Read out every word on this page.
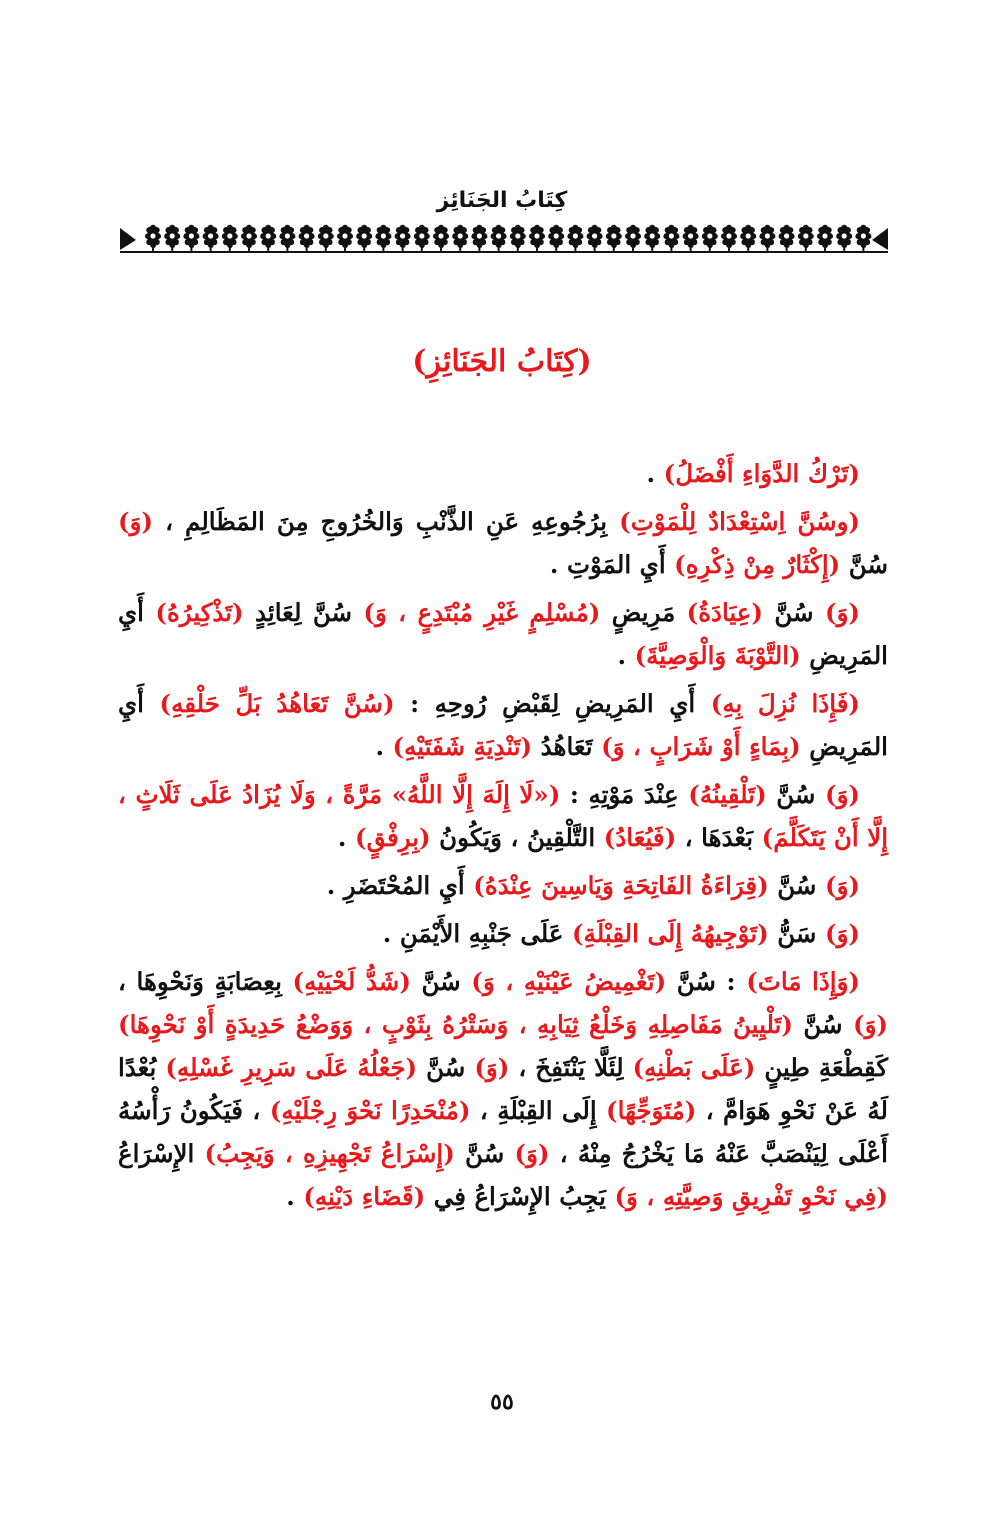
كِتَابُ الجَنَائِز
(كِتَابُ الجَنَائِزِ)

(تَرْكُ الدَّوَاءِ أَفْضَلُ) .

(وسُنَّ اِسْتِعْدَادٌ لِلْمَوْتِ) بِرُجُوعِهِ عَنِ الذَّنْبِ وَالخُرُوجِ مِنَ المَظَالِمِ ، (وَ) سُنَّ (إِكْثَارٌ مِنْ ذِكْرِهِ) أَيِ المَوْتِ .

(وَ) سُنَّ (عِيَادَةُ) مَرِيضٍ (مُسْلِمٍ غَيْرِ مُبْتَدِعٍ ، وَ) سُنَّ لِعَائِدٍ (تَذْكِيرُهُ) أَيِ المَرِيضِ (التَّوْبَةَ وَالْوَصِيَّةَ) .

(فَإِذَا نُزِلَ بِهِ) أَيِ المَرِيضِ لِقَبْضِ رُوحِهِ : (سُنَّ تَعَاهُدُ بَلِّ حَلْقِهِ) أَيِ المَرِيضِ (بِمَاءٍ أَوْ شَرَابٍ ، وَ) تَعَاهُدُ (تَنْدِيَةِ شَفَتَيْهِ) .

(وَ) سُنَّ (تَلْقِينُهُ) عِنْدَ مَوْتِهِ : («لَا إِلَهَ إِلَّا اللَّهُ» مَرَّةً ، وَلَا يُزَادُ عَلَى ثَلَاثٍ ، إِلَّا أَنْ يَتَكَلَّمَ) بَعْدَهَا ، (فَيُعَادُ) التَّلْقِينُ ، وَيَكُونُ (بِرِفْقٍ) .

(وَ) سُنَّ (قِرَاءَةُ الفَاتِحَةِ وَيَاسِينَ عِنْدَهُ) أَيِ المُحْتَضَرِ .

(وَ) سَنُّ (تَوْجِيهُهُ إِلَى القِبْلَةِ) عَلَى جَنْبِهِ الأَيْمَنِ .

(وَإِذَا مَاتَ) : سُنَّ (تَغْمِيضُ عَيْنَيْهِ ، وَ) سُنَّ (شَدُّ لَحْيَيْهِ) بِعِصَابَةٍ وَنَحْوِهَا ، (وَ) سُنَّ (تَلْيِينُ مَفَاصِلِهِ وَخَلْعُ ثِيَابِهِ ، وَسَتْرُهُ بِثَوْبٍ ، وَوَضْعُ حَدِيدَةٍ أَوْ نَحْوِهَا) كَقِطْعَةِ طِينٍ (عَلَى بَطْنِهِ) لِئَلَّا يَنْتَفِخَ ، (وَ) سُنَّ (جَعْلُهُ عَلَى سَرِيرِ غَسْلِهِ) بُعْدًا لَهُ عَنْ نَحْوِ هَوَامَّ ، (مُتَوَجِّهًا) إِلَى القِبْلَةِ ، (مُنْحَدِرًا نَحْوَ رِجْلَيْهِ) ، فَيَكُونُ رَأْسُهُ أَعْلَى لِيَنْصَبَّ عَنْهُ مَا يَخْرُجُ مِنْهُ ، (وَ) سُنَّ (إِسْرَاعُ تَجْهِيزِهِ ، وَيَجِبُ) الإِسْرَاعُ (فِي نَحْوِ تَفْرِيقِ وَصِيَّتِهِ ، وَ) يَجِبُ الإِسْرَاعُ فِي (قَضَاءِ دَيْنِهِ) .

٥٥
